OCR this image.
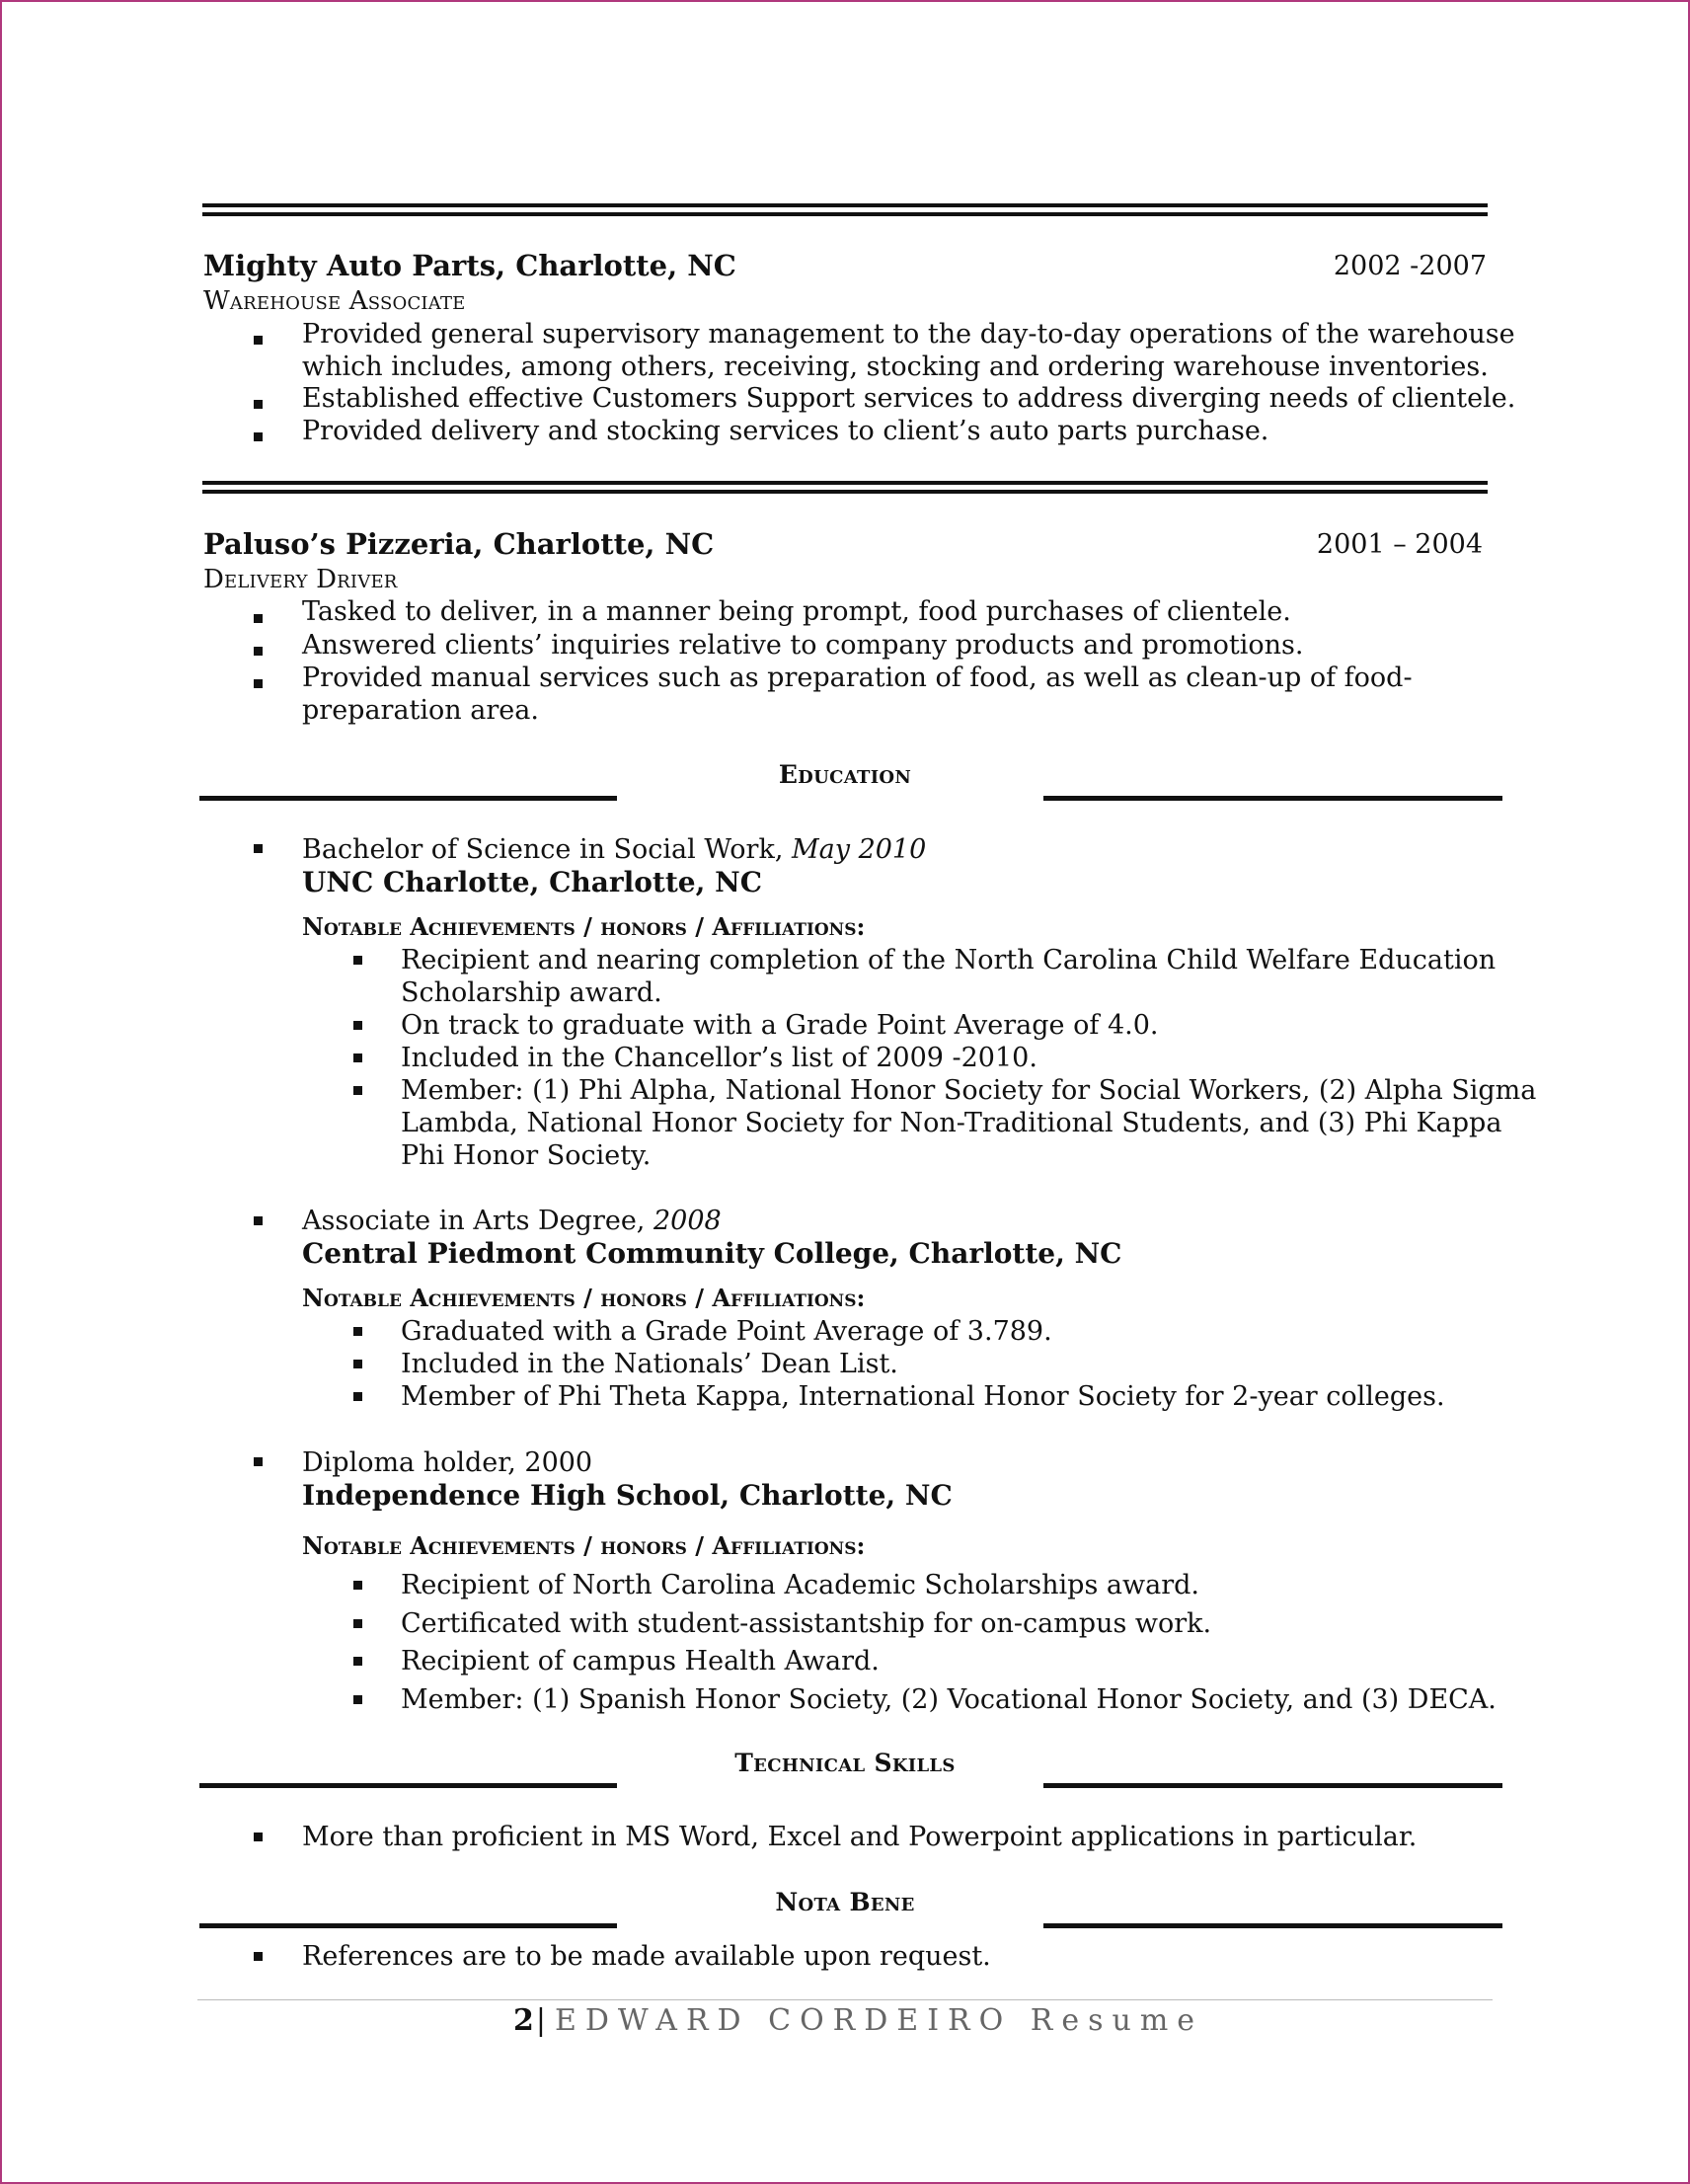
Mighty Auto Parts, Charlotte, NC	2002 -2007
Warehouse Associate
Provided general supervisory management to the day-to-day operations of the warehouse
which includes, among others, receiving, stocking and ordering warehouse inventories.
Established effective Customers Support services to address diverging needs of clientele.
Provided delivery and stocking services to client’s auto parts purchase.
Paluso’s Pizzeria, Charlotte, NC	2001 – 2004
Delivery Driver
Tasked to deliver, in a manner being prompt, food purchases of clientele.
Answered clients’ inquiries relative to company products and promotions.
Provided manual services such as preparation of food, as well as clean-up of food-
preparation area.
Education
Bachelor of Science in Social Work, May 2010
UNC Charlotte, Charlotte, NC
Notable Achievements / honors / Affiliations:
Recipient and nearing completion of the North Carolina Child Welfare Education
Scholarship award.
On track to graduate with a Grade Point Average of 4.0.
Included in the Chancellor’s list of 2009 -2010.
Member: (1) Phi Alpha, National Honor Society for Social Workers, (2) Alpha Sigma
Lambda, National Honor Society for Non-Traditional Students, and (3) Phi Kappa
Phi Honor Society.
Associate in Arts Degree, 2008
Central Piedmont Community College, Charlotte, NC
Notable Achievements / honors / Affiliations:
Graduated with a Grade Point Average of 3.789.
Included in the Nationals’ Dean List.
Member of Phi Theta Kappa, International Honor Society for 2-year colleges.
Diploma holder, 2000
Independence High School, Charlotte, NC
Notable Achievements / honors / Affiliations:
Recipient of North Carolina Academic Scholarships award.
Certificated with student-assistantship for on-campus work.
Recipient of campus Health Award.
Member: (1) Spanish Honor Society, (2) Vocational Honor Society, and (3) DECA.
Technical Skills
More than proficient in MS Word, Excel and Powerpoint applications in particular.
Nota Bene
References are to be made available upon request.
2|EDWARD CORDEIRO Resume
